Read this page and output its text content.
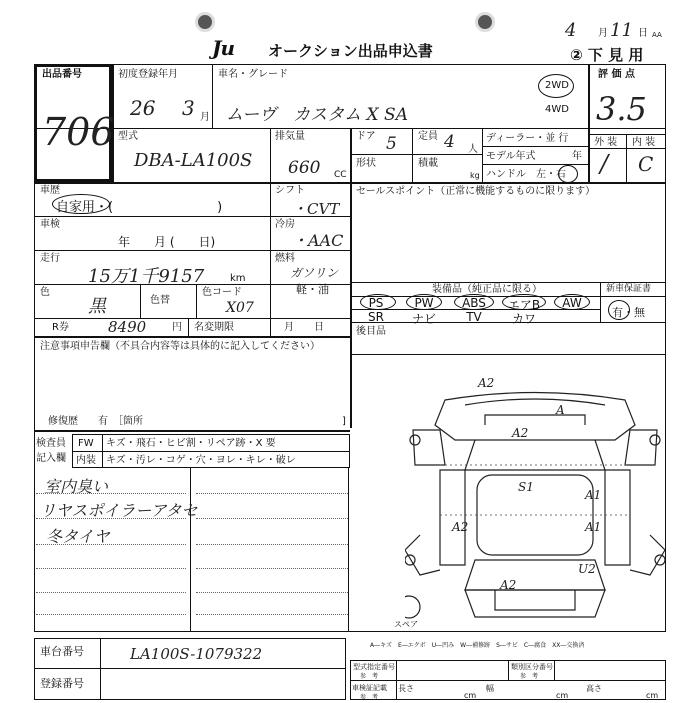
Ju オークション出品申込書
4 月 11 日 AA
② 下 見 用
出品番号
706
初度登録年月
26 3 月
車名・グレード
ムーヴ　カスタム X SA
2WD
4WD
評 価 点
3.5
型式
DBA-LA100S
排気量
660 CC
ドア 5 定員 4 人
ディーラー・並 行
モデル年式	年
形状	積載
kg ハンドル　左・右
外 装 内 装
/ C
車歴
自家用・(　　　　　　　　)
シフト
・CVT
車検
年　　月 (　　日)
冷房
・AAC
走行
15万1千9157	km
燃料
ガソリン
軽・油
色
黒	色替
色コード
X07
R券	8490	円 名変期限	月　　日
セールスポイント（正常に機能するものに限ります）
装備品（純正品に限る）	新車保証書
PS	PW	ABS	エアB	AW
SR	ナビ	TV	カワ	有・無
後目品
注意事項申告欄（不具合内容等は具体的に記入してください）
修復歴　　有　［箇所	]
検査員
記入欄
FW キズ・飛石・ヒビ割・リペア跡・X 要
内装 キズ・汚レ・コゲ・穴・ヨレ・キレ・破レ
室内臭い
リヤスポイラーアタセ
冬タイヤ
A2
A
A2
S1
A1
A2	A1
A2
U2
スペア
A―キズ　E―エクボ　U―凹み　W―補修跡　S―サビ　C―腐食　XX―交換済
車台番号	LA100S-1079322
登録番号
型式指定番号
参　考
類別区分番号
参　考
車検証記載
参　考
長さ
cm
幅
cm
高さ
cm
